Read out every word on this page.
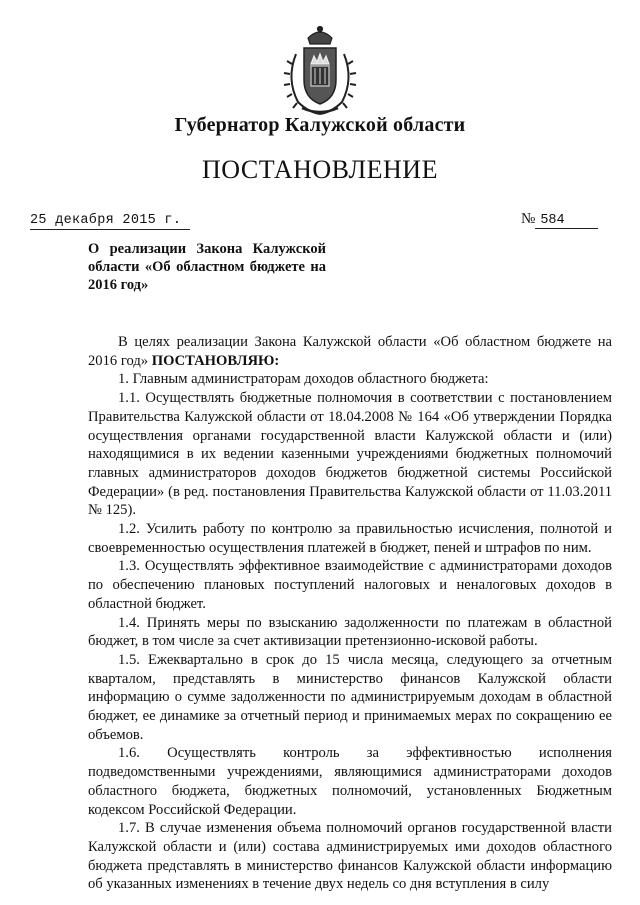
Губернатор Калужской области
ПОСТАНОВЛЕНИЕ
25 декабря 2015 г.	№ 584
О реализации Закона Калужской области «Об областном бюджете на 2016 год»

В целях реализации Закона Калужской области «Об областном бюджете на 2016 год» ПОСТАНОВЛЯЮ:

1. Главным администраторам доходов областного бюджета:

1.1. Осуществлять бюджетные полномочия в соответствии с постановлением Правительства Калужской области от 18.04.2008 № 164 «Об утверждении Порядка осуществления органами государственной власти Калужской области и (или) находящимися в их ведении казенными учреждениями бюджетных полномочий главных администраторов доходов бюджетов бюджетной системы Российской Федерации» (в ред. постановления Правительства Калужской области от 11.03.2011 № 125).

1.2. Усилить работу по контролю за правильностью исчисления, полнотой и своевременностью осуществления платежей в бюджет, пеней и штрафов по ним.

1.3. Осуществлять эффективное взаимодействие с администраторами доходов по обеспечению плановых поступлений налоговых и неналоговых доходов в областной бюджет.

1.4. Принять меры по взысканию задолженности по платежам в областной бюджет, в том числе за счет активизации претензионно-исковой работы.

1.5. Ежеквартально в срок до 15 числа месяца, следующего за отчетным кварталом, представлять в министерство финансов Калужской области информацию о сумме задолженности по администрируемым доходам в областной бюджет, ее динамике за отчетный период и принимаемых мерах по сокращению ее объемов.

1.6. Осуществлять контроль за эффективностью исполнения подведомственными учреждениями, являющимися администраторами доходов областного бюджета, бюджетных полномочий, установленных Бюджетным кодексом Российской Федерации.

1.7. В случае изменения объема полномочий органов государственной власти Калужской области и (или) состава администрируемых ими доходов областного бюджета представлять в министерство финансов Калужской области информацию об указанных изменениях в течение двух недель со дня вступления в силу
